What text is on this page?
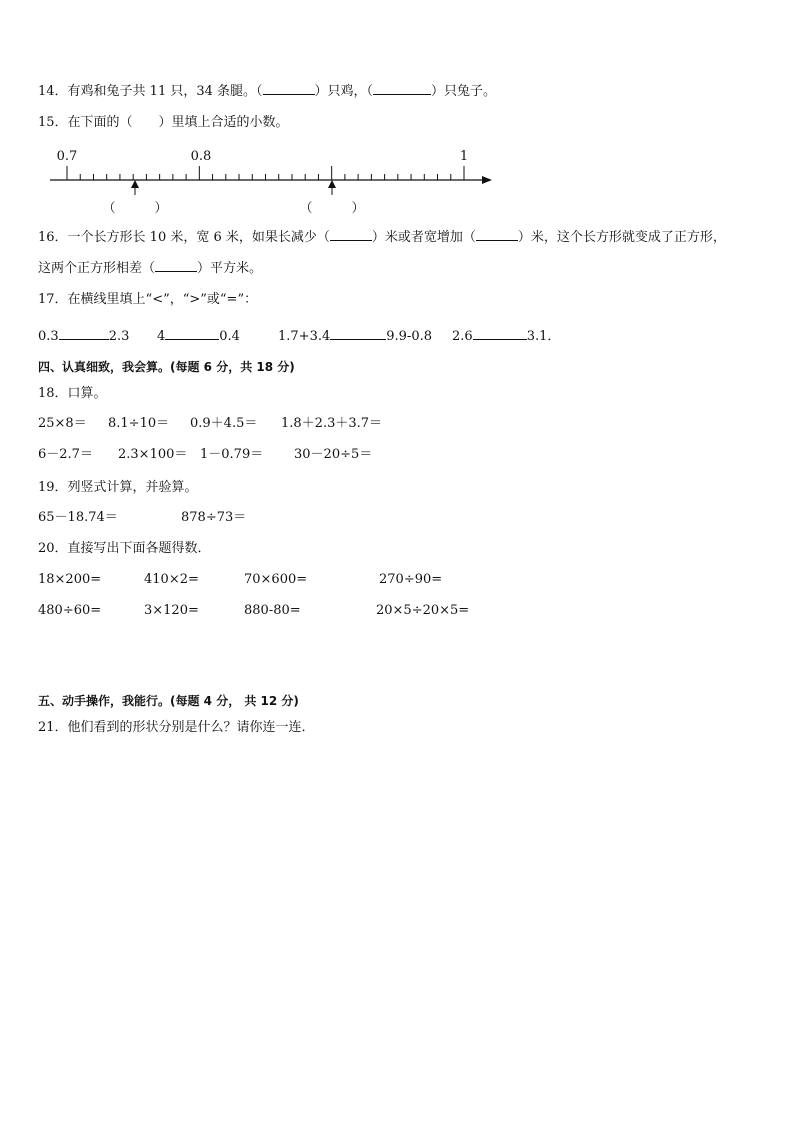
14．有鸡和兔子共 11 只，34 条腿。（	）只鸡，（	）只兔子。
15．在下面的（　　）里填上合适的小数。
0.7	0.8	1
（　　　）	（　　　）
16．一个长方形长 10 米，宽 6 米，如果长减少（	）米或者宽增加（	）米，这个长方形就变成了正方形，
这两个正方形相差（	）平方米。
17．在横线里填上“<”，“>”或“=”：
0.3	2.3 4	0.4	1.7+3.4	9.9-0.8 2.6	3.1．
四、认真细致，我会算。(每题 6 分，共 18 分)
18．口算。
25×8＝ 8.1÷10＝ 0.9＋4.5＝ 1.8＋2.3＋3.7＝
6－2.7＝ 2.3×100＝ 1－0.79＝ 30－20÷5＝
19．列竖式计算，并验算。
65－18.74＝	878÷73＝
20．直接写出下面各题得数．
18×200=	410×2=	70×600=	270÷90=
480÷60=	3×120=	880-80=	20×5÷20×5=
五、动手操作，我能行。(每题 4 分， 共 12 分)
21．他们看到的形状分别是什么？请你连一连．
